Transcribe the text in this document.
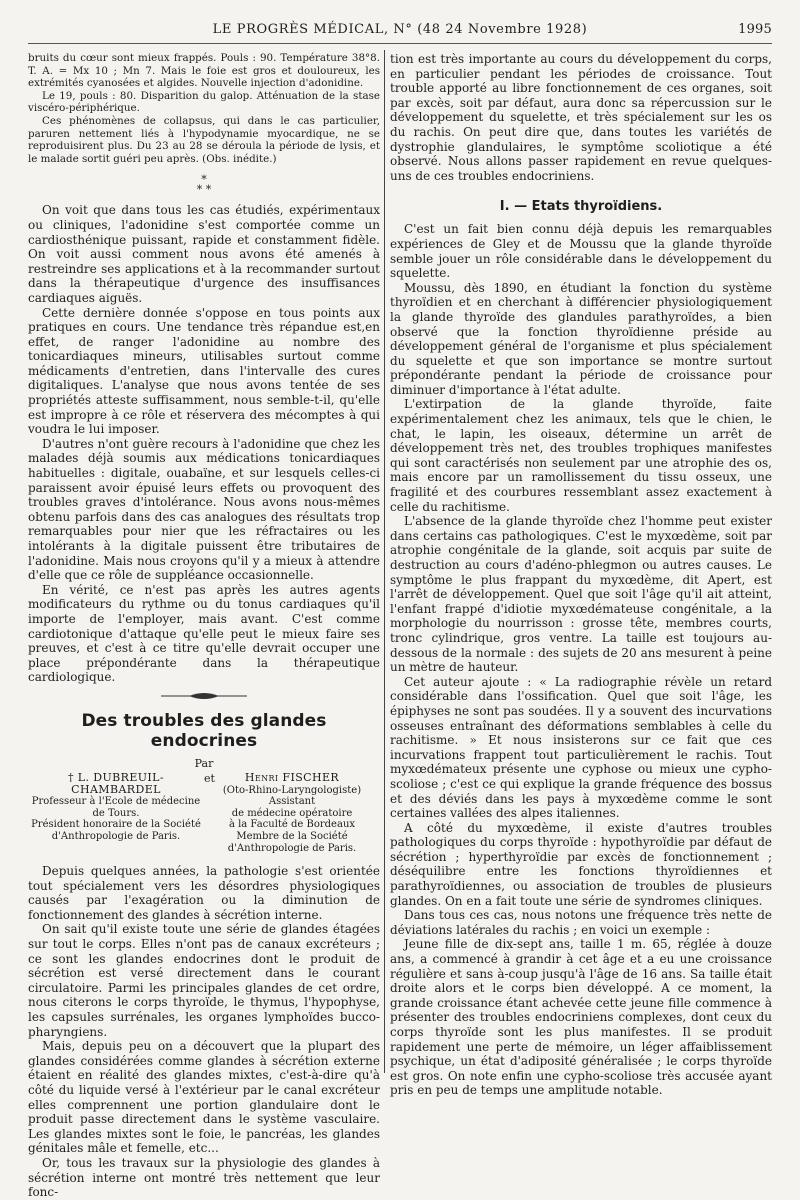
LE PROGRÈS MÉDICAL, N° (48 24 Novembre 1928)	1995

bruits du cœur sont mieux frappés. Pouls : 90. Température 38°8. T. A. = Mx 10 ; Mn 7. Mais le foie est gros et douloureux, les extrémités cyanosées et algides. Nouvelle injection d'adonidine.

Le 19, pouls : 80. Disparition du galop. Atténuation de la stase viscéro-périphérique.

Ces phénomènes de collapsus, qui dans le cas particulier, paruren nettement liés à l'hypodynamie myocardique, ne se reproduisirent plus. Du 23 au 28 se déroula la période de lysis, et le malade sortit guéri peu après. (Obs. inédite.)

*
* *

On voit que dans tous les cas étudiés, expérimentaux ou cliniques, l'adonidine s'est comportée comme un cardiosthénique puissant, rapide et constamment fidèle. On voit aussi comment nous avons été amenés à restreindre ses applications et à la recommander surtout dans la thérapeutique d'urgence des insuffisances cardiaques aiguës.

Cette dernière donnée s'oppose en tous points aux pratiques en cours. Une tendance très répandue est,en effet, de ranger l'adonidine au nombre des tonicardiaques mineurs, utilisables surtout comme médicaments d'entretien, dans l'intervalle des cures digitaliques. L'analyse que nous avons tentée de ses propriétés atteste suffisamment, nous semble-t-il, qu'elle est impropre à ce rôle et réservera des mécomptes à qui voudra le lui imposer.

D'autres n'ont guère recours à l'adonidine que chez les malades déjà soumis aux médications tonicardiaques habituelles : digitale, ouabaïne, et sur lesquels celles-ci paraissent avoir épuisé leurs effets ou provoquent des troubles graves d'intolérance. Nous avons nous-mêmes obtenu parfois dans des cas analogues des résultats trop remarquables pour nier que les réfractaires ou les intolérants à la digitale puissent être tributaires de l'adonidine. Mais nous croyons qu'il y a mieux à attendre d'elle que ce rôle de suppléance occasionnelle.

En vérité, ce n'est pas après les autres agents modificateurs du rythme ou du tonus cardiaques qu'il importe de l'employer, mais avant. C'est comme cardiotonique d'attaque qu'elle peut le mieux faire ses preuves, et c'est à ce titre qu'elle devrait occuper une place prépondérante dans la thérapeutique cardiologique.

Des troubles des glandes endocrines
Par
† L. DUBREUIL-CHAMBARDEL
Professeur à l'Ecole de médecine
de Tours.
Président honoraire de la Société
d'Anthropologie de Paris.
et	Henri FISCHER
(Oto-Rhino-Laryngologiste)
Assistant
de médecine opératoire
à la Faculté de Bordeaux
Membre de la Société
d'Anthropologie de Paris.

Depuis quelques années, la pathologie s'est orientée tout spécialement vers les désordres physiologiques causés par l'exagération ou la diminution de fonctionnement des glandes à sécrétion interne.

On sait qu'il existe toute une série de glandes étagées sur tout le corps. Elles n'ont pas de canaux excréteurs ; ce sont les glandes endocrines dont le produit de sécrétion est versé directement dans le courant circulatoire. Parmi les principales glandes de cet ordre, nous citerons le corps thyroïde, le thymus, l'hypophyse, les capsules surrénales, les organes lymphoïdes bucco-pharyngiens.

Mais, depuis peu on a découvert que la plupart des glandes considérées comme glandes à sécrétion externe étaient en réalité des glandes mixtes, c'est-à-dire qu'à côté du liquide versé à l'extérieur par le canal excréteur elles comprennent une portion glandulaire dont le produit passe directement dans le système vasculaire. Les glandes mixtes sont le foie, le pancréas, les glandes génitales mâle et femelle, etc...

Or, tous les travaux sur la physiologie des glandes à sécrétion interne ont montré très nettement que leur fonc-

tion est très importante au cours du développement du corps, en particulier pendant les périodes de croissance. Tout trouble apporté au libre fonctionnement de ces organes, soit par excès, soit par défaut, aura donc sa répercussion sur le développement du squelette, et très spécialement sur les os du rachis. On peut dire que, dans toutes les variétés de dystrophie glandulaires, le symptôme scoliotique a été observé. Nous allons passer rapidement en revue quelques-uns de ces troubles endocriniens.

I. — Etats thyroïdiens.

C'est un fait bien connu déjà depuis les remarquables expériences de Gley et de Moussu que la glande thyroïde semble jouer un rôle considérable dans le développement du squelette.

Moussu, dès 1890, en étudiant la fonction du système thyroïdien et en cherchant à différencier physiologiquement la glande thyroïde des glandules parathyroïdes, a bien observé que la fonction thyroïdienne préside au développement général de l'organisme et plus spécialement du squelette et que son importance se montre surtout prépondérante pendant la période de croissance pour diminuer d'importance à l'état adulte.

L'extirpation de la glande thyroïde, faite expérimentalement chez les animaux, tels que le chien, le chat, le lapin, les oiseaux, détermine un arrêt de développement très net, des troubles trophiques manifestes qui sont caractérisés non seulement par une atrophie des os, mais encore par un ramollissement du tissu osseux, une fragilité et des courbures ressemblant assez exactement à celle du rachitisme.

L'absence de la glande thyroïde chez l'homme peut exister dans certains cas pathologiques. C'est le myxœdème, soit par atrophie congénitale de la glande, soit acquis par suite de destruction au cours d'adéno-phlegmon ou autres causes. Le symptôme le plus frappant du myxœdème, dit Apert, est l'arrêt de développement. Quel que soit l'âge qu'il ait atteint, l'enfant frappé d'idiotie myxœdémateuse congénitale, a la morphologie du nourrisson : grosse tête, membres courts, tronc cylindrique, gros ventre. La taille est toujours au-dessous de la normale : des sujets de 20 ans mesurent à peine un mètre de hauteur.

Cet auteur ajoute : « La radiographie révèle un retard considérable dans l'ossification. Quel que soit l'âge, les épiphyses ne sont pas soudées. Il y a souvent des incurvations osseuses entraînant des déformations semblables à celle du rachitisme. » Et nous insisterons sur ce fait que ces incurvations frappent tout particulièrement le rachis. Tout myxœdémateux présente une cyphose ou mieux une cypho-scoliose ; c'est ce qui explique la grande fréquence des bossus et des déviés dans les pays à myxœdème comme le sont certaines vallées des alpes italiennes.

A côté du myxœdème, il existe d'autres troubles pathologiques du corps thyroïde : hypothyroïdie par défaut de sécrétion ; hyperthyroïdie par excès de fonctionnement ; déséquilibre entre les fonctions thyroïdiennes et parathyroïdiennes, ou association de troubles de plusieurs glandes. On en a fait toute une série de syndromes cliniques.

Dans tous ces cas, nous notons une fréquence très nette de déviations latérales du rachis ; en voici un exemple :

Jeune fille de dix-sept ans, taille 1 m. 65, réglée à douze ans, a commencé à grandir à cet âge et a eu une croissance régulière et sans à-coup jusqu'à l'âge de 16 ans. Sa taille était droite alors et le corps bien développé. A ce moment, la grande croissance étant achevée cette jeune fille commence à présenter des troubles endocriniens complexes, dont ceux du corps thyroïde sont les plus manifestes. Il se produit rapidement une perte de mémoire, un léger affaiblissement psychique, un état d'adiposité généralisée ; le corps thyroïde est gros. On note enfin une cypho-scoliose très accusée ayant pris en peu de temps une amplitude notable.
